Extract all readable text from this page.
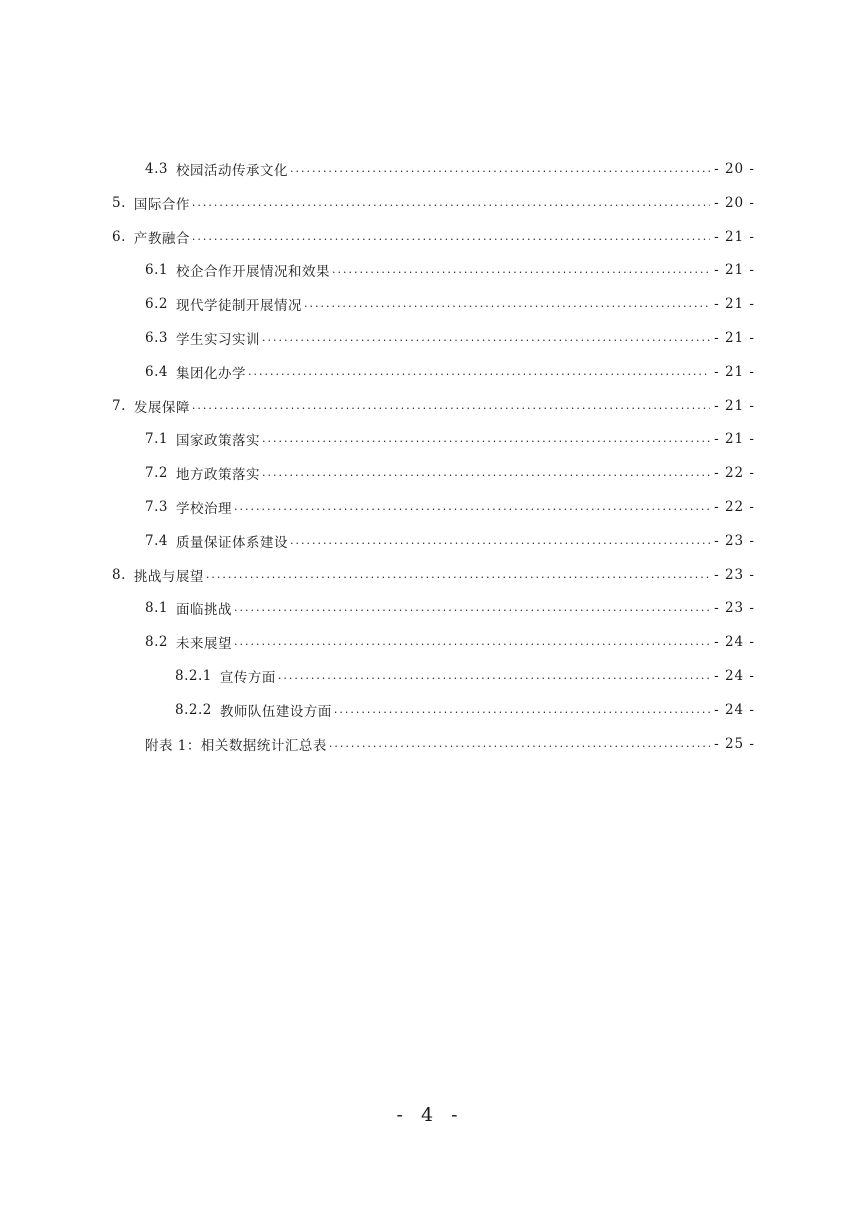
4.3 校园活动传承文化 . . .	- 20 -
5. 国际合作 . . .	- 20 -
6. 产教融合 . . .	- 21 -
6.1 校企合作开展情况和效果 . . .	- 21 -
6.2 现代学徒制开展情况 . . .	- 21 -
6.3 学生实习实训 . . .	- 21 -
6.4 集团化办学 . . .	- 21 -
7. 发展保障 . . .	- 21 -
7.1 国家政策落实 . . .	- 21 -
7.2 地方政策落实 . . .	- 22 -
7.3 学校治理 . . .	- 22 -
7.4 质量保证体系建设 . . .	- 23 -
8. 挑战与展望 . . .	- 23 -
8.1 面临挑战 . . .	- 23 -
8.2 未来展望 . . .	- 24 -
8.2.1 宣传方面 . . .	- 24 -
8.2.2 教师队伍建设方面 . . .	- 24 -
附表 1：相关数据统计汇总表 . . .	- 25 -
- 4 -
